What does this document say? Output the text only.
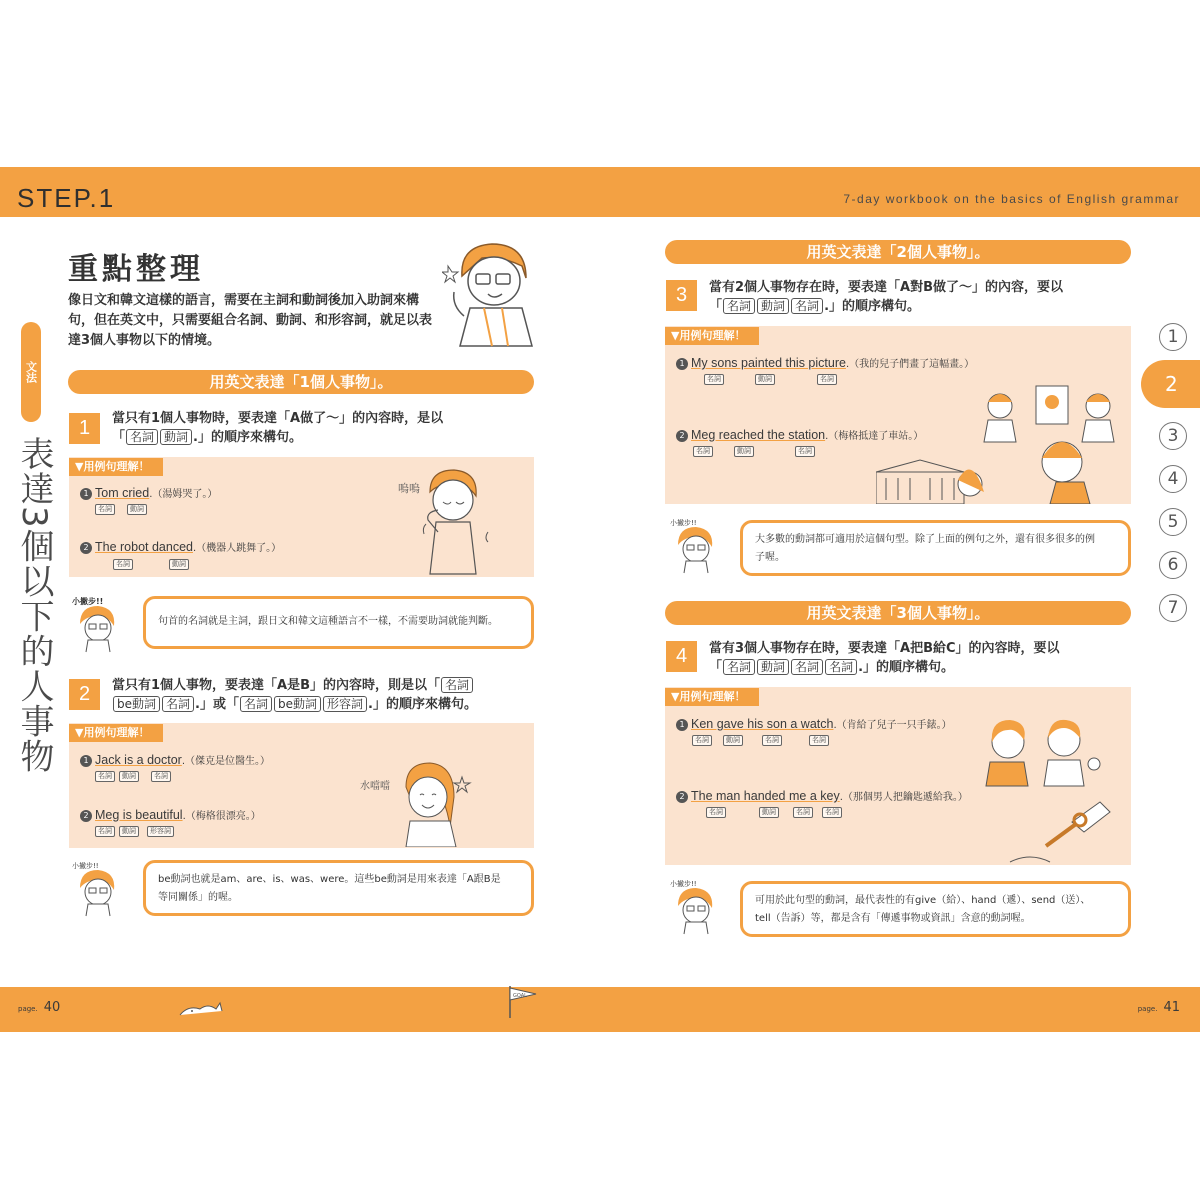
STEP.1	7-day workbook on the basics of English grammar
文法
表達3個以下的人事物
重點整理
像日文和韓文這樣的語言，需要在主詞和動詞後加入助詞來構句，但在英文中，只需要組合名詞、動詞、和形容詞，就足以表達3個人事物以下的情境。
用英文表達「1個人事物」。
1	當只有1個人事物時，要表達「A做了～」的內容時，是以
「 名詞 動詞 .」的順序來構句。
▼用例句理解！
1 Tom cried.（湯姆哭了。）
名詞	動詞
2 The robot danced.（機器人跳舞了。）
名詞	動詞
嗚嗚
小撇步!!
句首的名詞就是主詞，跟日文和韓文這種語言不一樣，不需要助詞就能判斷。
2	當只有1個人事物，要表達「A是B」的內容時，則是以「 名詞
be動詞 名詞 .」或「 名詞 be動詞 形容詞 .」的順序來構句。
▼用例句理解！
1 Jack is a doctor.（傑克是位醫生。）
名詞	動詞	名詞
2 Meg is beautiful.（梅格很漂亮。）
名詞	動詞	形容詞
水噹噹
小撇步!!
be動詞也就是am、are、is、was、were。這些be動詞是用來表達「A跟B是
等同關係」的喔。
用英文表達「2個人事物」。
3	當有2個人事物存在時，要表達「A對B做了～」的內容，要以
「 名詞 動詞 名詞 .」的順序構句。
▼用例句理解！
1 My sons painted this picture.（我的兒子們畫了這幅畫。）
名詞	動詞	名詞
2 Meg reached the station.（梅格抵達了車站。）
名詞	動詞	名詞
小撇步!!
大多數的動詞都可適用於這個句型。除了上面的例句之外，還有很多很多的例
子喔。
用英文表達「3個人事物」。
4	當有3個人事物存在時，要表達「A把B給C」的內容時，要以
「 名詞 動詞 名詞 名詞 .」的順序構句。
▼用例句理解！
1 Ken gave his son a watch.（肯給了兒子一只手錶。）
名詞	動詞	名詞	名詞
2 The man handed me a key.（那個男人把鑰匙遞給我。）
名詞	動詞	名詞	名詞
小撇步!!
可用於此句型的動詞，最代表性的有give（給）、hand（遞）、send（送）、
tell（告訴）等，都是含有「傳遞事物或資訊」含意的動詞喔。
1
2
3
4
5
6
7
page. 40	page. 41
GOAL
